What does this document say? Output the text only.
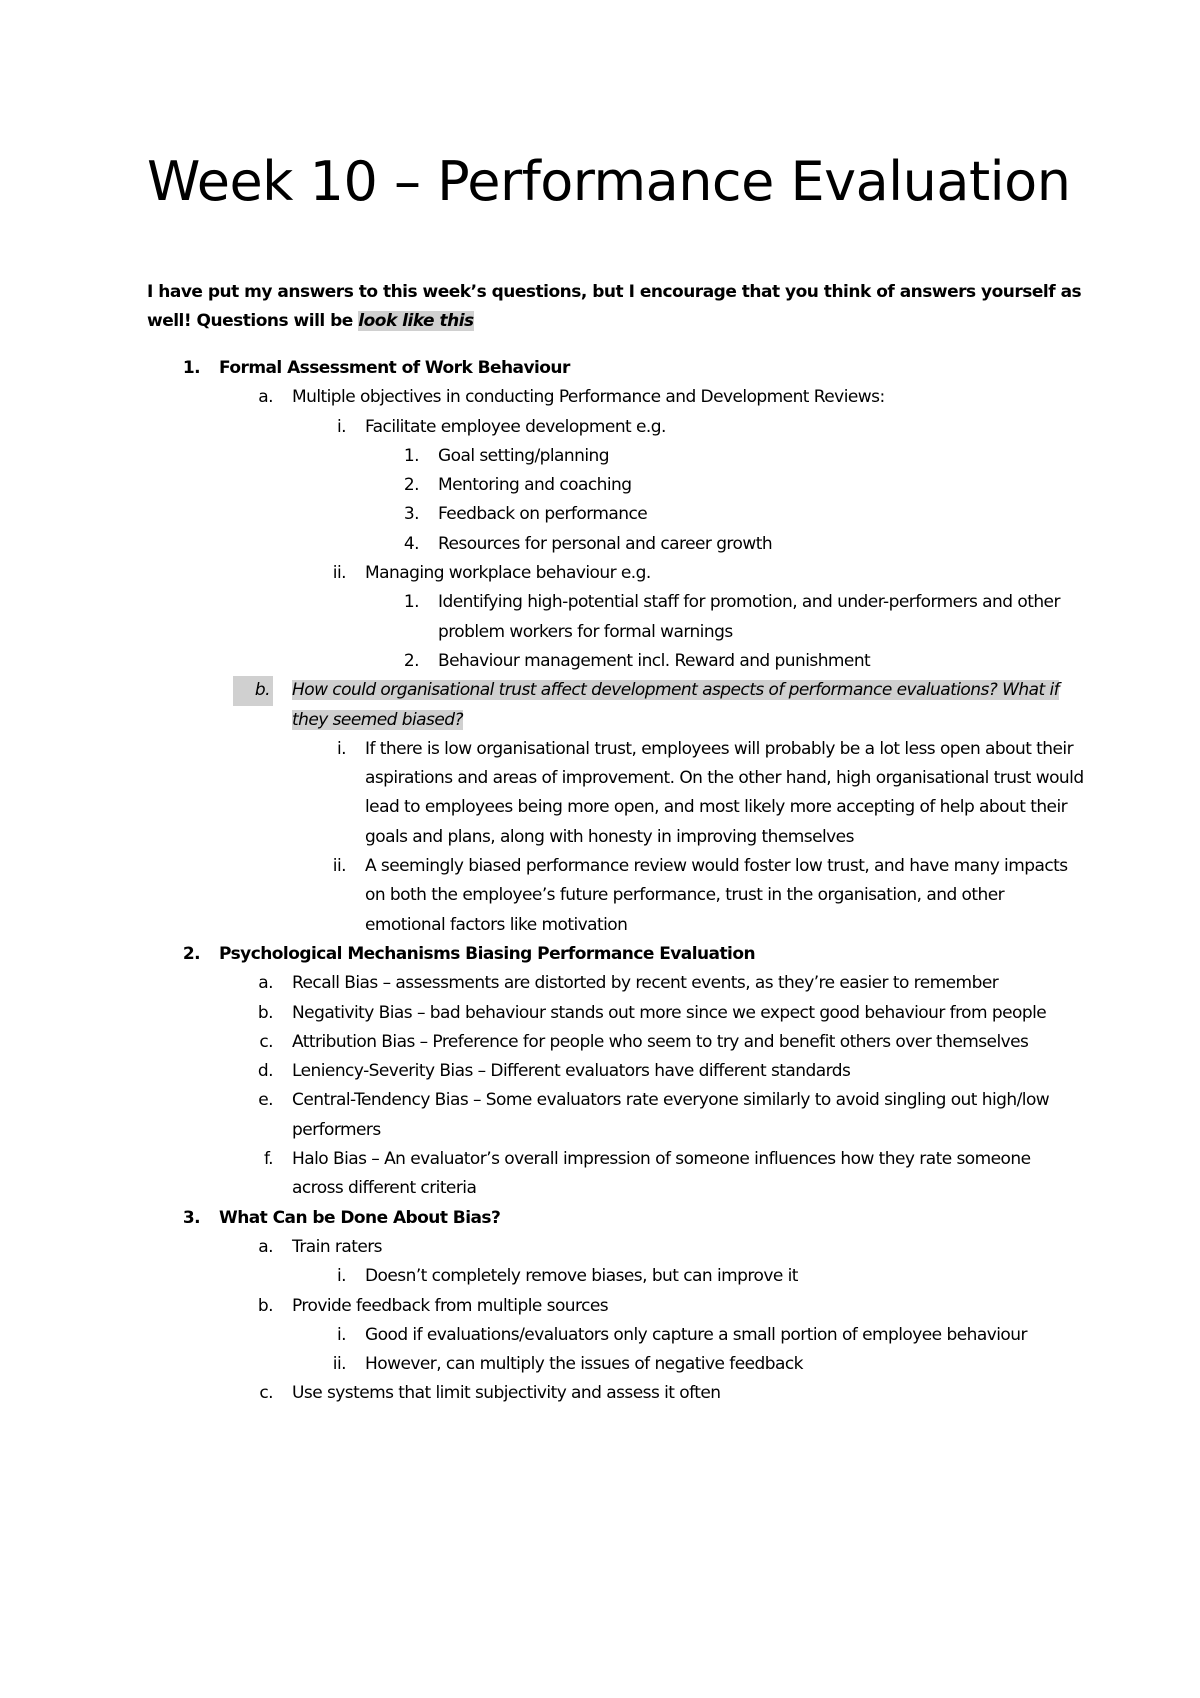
Week 10 – Performance Evaluation
I have put my answers to this week’s questions, but I encourage that you think of answers yourself as well! Questions will be look like this
1. Formal Assessment of Work Behaviour
a. Multiple objectives in conducting Performance and Development Reviews:
i. Facilitate employee development e.g.
1. Goal setting/planning
2. Mentoring and coaching
3. Feedback on performance
4. Resources for personal and career growth
ii. Managing workplace behaviour e.g.
1. Identifying high-potential staff for promotion, and under-performers and other problem workers for formal warnings
2. Behaviour management incl. Reward and punishment
b. How could organisational trust affect development aspects of performance evaluations? What if they seemed biased?
i. If there is low organisational trust, employees will probably be a lot less open about their aspirations and areas of improvement. On the other hand, high organisational trust would lead to employees being more open, and most likely more accepting of help about their goals and plans, along with honesty in improving themselves
ii. A seemingly biased performance review would foster low trust, and have many impacts on both the employee’s future performance, trust in the organisation, and other emotional factors like motivation
2. Psychological Mechanisms Biasing Performance Evaluation
a. Recall Bias – assessments are distorted by recent events, as they’re easier to remember
b. Negativity Bias – bad behaviour stands out more since we expect good behaviour from people
c. Attribution Bias – Preference for people who seem to try and benefit others over themselves
d. Leniency-Severity Bias – Different evaluators have different standards
e. Central-Tendency Bias – Some evaluators rate everyone similarly to avoid singling out high/low performers
f. Halo Bias – An evaluator’s overall impression of someone influences how they rate someone across different criteria
3. What Can be Done About Bias?
a. Train raters
i. Doesn’t completely remove biases, but can improve it
b. Provide feedback from multiple sources
i. Good if evaluations/evaluators only capture a small portion of employee behaviour
ii. However, can multiply the issues of negative feedback
c. Use systems that limit subjectivity and assess it often
